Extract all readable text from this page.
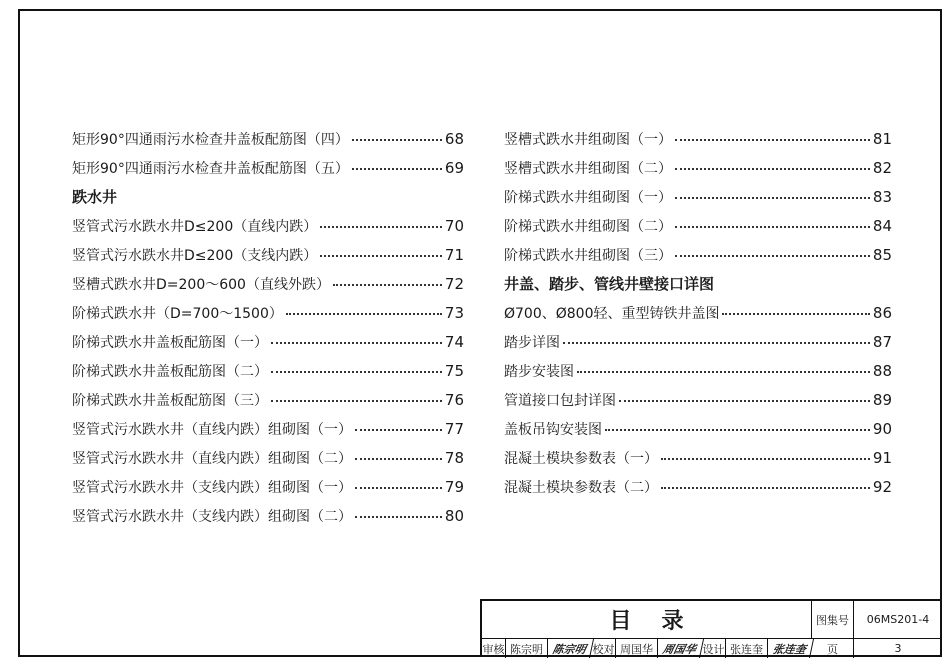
矩形90°四通雨污水检查井盖板配筋图（四）	68
矩形90°四通雨污水检查井盖板配筋图（五）	69
跌水井
竖管式污水跌水井D≤200（直线内跌）	70
竖管式污水跌水井D≤200（支线内跌）	71
竖槽式跌水井D=200～600（直线外跌）	72
阶梯式跌水井（D=700～1500）	73
阶梯式跌水井盖板配筋图（一）	74
阶梯式跌水井盖板配筋图（二）	75
阶梯式跌水井盖板配筋图（三）	76
竖管式污水跌水井（直线内跌）组砌图（一）	77
竖管式污水跌水井（直线内跌）组砌图（二）	78
竖管式污水跌水井（支线内跌）组砌图（一）	79
竖管式污水跌水井（支线内跌）组砌图（二）	80
竖槽式跌水井组砌图（一）	81
竖槽式跌水井组砌图（二）	82
阶梯式跌水井组砌图（一）	83
阶梯式跌水井组砌图（二）	84
阶梯式跌水井组砌图（三）	85
井盖、踏步、管线井壁接口详图
Ø700、Ø800轻、重型铸铁井盖图	86
踏步详图	87
踏步安装图	88
管道接口包封详图	89
盖板吊钩安装图	90
混凝土模块参数表（一）	91
混凝土模块参数表（二）	92
目录	图集号	06MS201-4
审核 陈宗明 陈宗明 校对 周国华 周国华 设计 张连奎 张连奎	页	3
